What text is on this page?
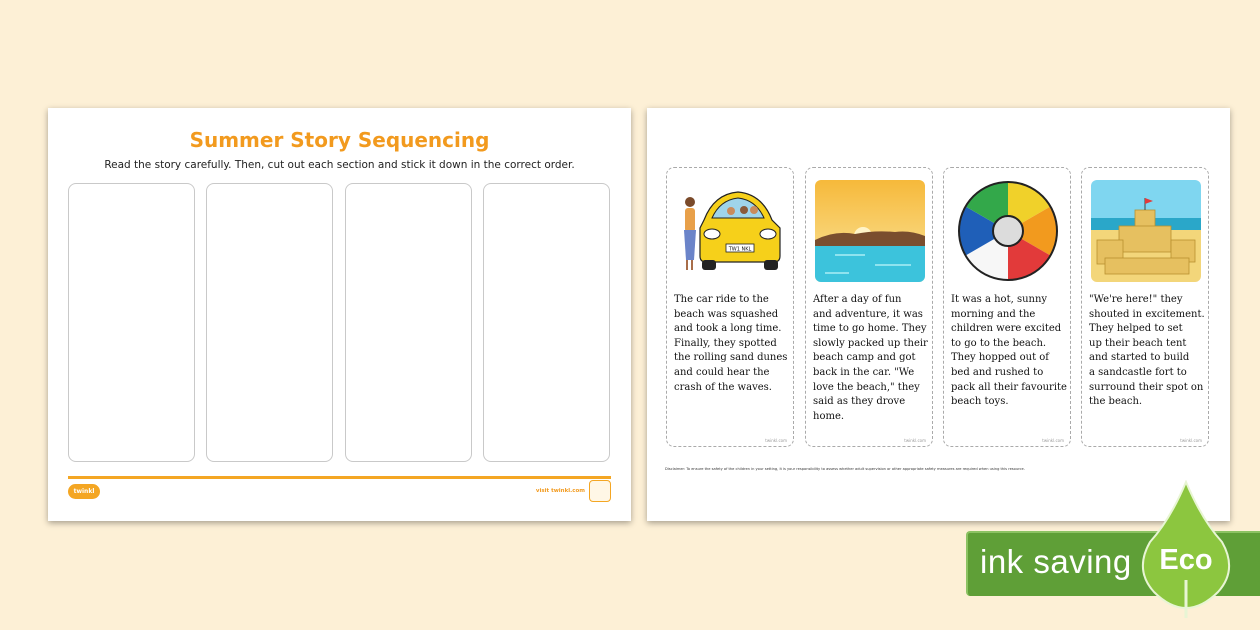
Summer Story Sequencing
Read the story carefully. Then, cut out each section and stick it down in the correct order.
twinkl	visit twinkl.com
TW1 NKL
The car ride to the
beach was squashed
and took a long time.
Finally, they spotted
the rolling sand dunes
and could hear the
crash of the waves.
twinkl.com
After a day of fun
and adventure, it was
time to go home. They
slowly packed up their
beach camp and got
back in the car. "We
love the beach," they
said as they drove
home.
twinkl.com
It was a hot, sunny
morning and the
children were excited
to go to the beach.
They hopped out of
bed and rushed to
pack all their favourite
beach toys.
twinkl.com
"We're here!" they
shouted in excitement.
They helped to set
up their beach tent
and started to build
a sandcastle fort to
surround their spot on
the beach.
twinkl.com
Disclaimer: To ensure the safety of the children in your setting, it is your responsibility to assess whether adult supervision or other appropriate safety measures are required when using this resource.
ink saving Eco
